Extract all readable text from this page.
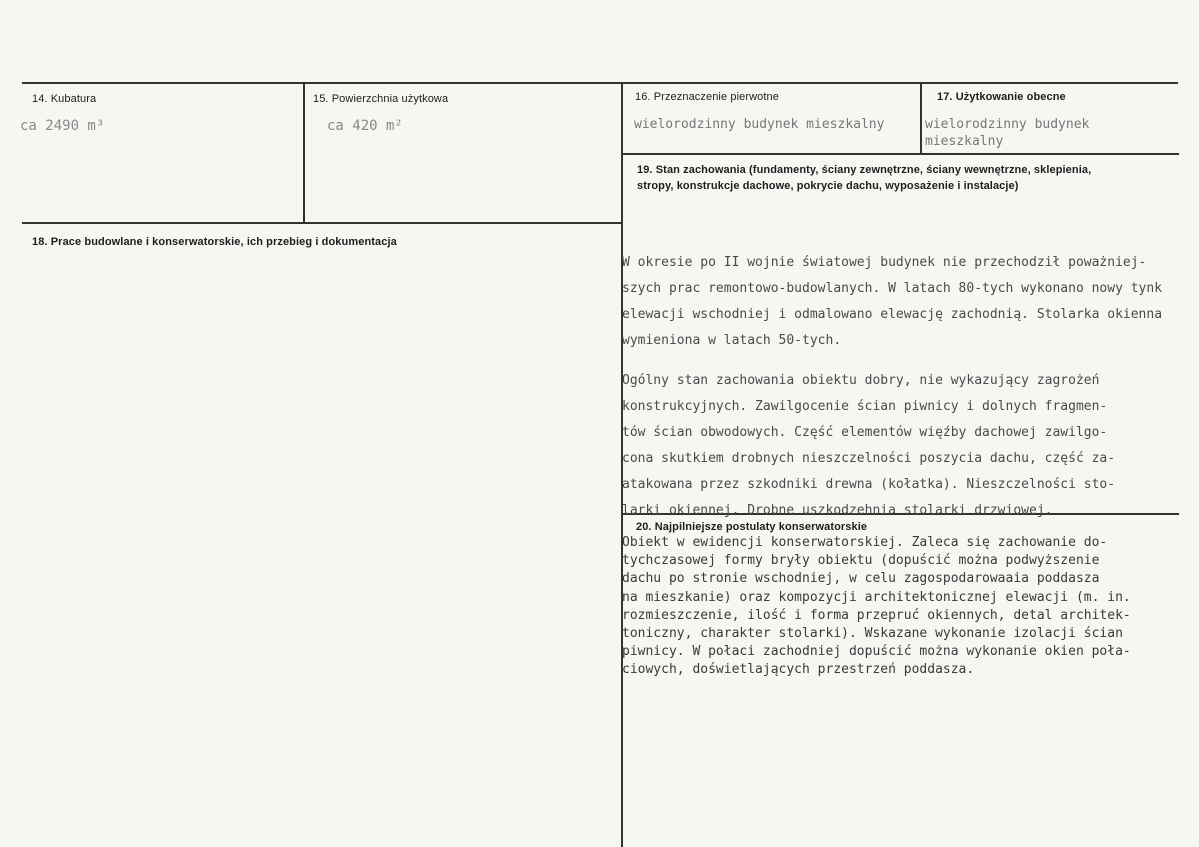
14. Kubatura
ca 2490 m³
15. Powierzchnia użytkowa
ca 420 m²
16. Przeznaczenie pierwotne
wielorodzinny budynek mieszkalny
17. Użytkowanie obecne
wielorodzinny budynek
mieszkalny
18. Prace budowlane i konserwatorskie, ich przebieg i dokumentacja
19. Stan zachowania (fundamenty, ściany zewnętrzne, ściany wewnętrzne, sklepienia, stropy, konstrukcje dachowe, pokrycie dachu, wyposażenie i instalacje)
W okresie po II wojnie światowej budynek nie przechodził poważniej-
szych prac remontowo-budowlanych. W latach 80-tych wykonano nowy tynk
elewacji wschodniej i odmalowano elewację zachodnią. Stolarka okienna
wymieniona w latach 50-tych.
Ogólny stan zachowania obiektu dobry, nie wykazujący zagrożeń
konstrukcyjnych. Zawilgocenie ścian piwnicy i dolnych fragmen-
tów ścian obwodowych. Część elementów więźby dachowej zawilgo-
cona skutkiem drobnych nieszczelności poszycia dachu, część za-
atakowana przez szkodniki drewna (kołatka). Nieszczelności sto-
larki okiennej. Drobne uszkodzehnia stolarki drzwiowej.
20. Najpilniejsze postulaty konserwatorskie
Obiekt w ewidencji konserwatorskiej. Zaleca się zachowanie do-
tychczasowej formy bryły obiektu (dopuścić można podwyższenie
dachu po stronie wschodniej, w celu zagospodarowaaia poddasza
na mieszkanie) oraz kompozycji architektonicznej elewacji (m. in.
rozmieszczenie, ilość i forma przepruć okiennych, detal architek-
toniczny, charakter stolarki). Wskazane wykonanie izolacji ścian
piwnicy. W połaci zachodniej dopuścić można wykonanie okien poła-
ciowych, doświetlających przestrzeń poddasza.
